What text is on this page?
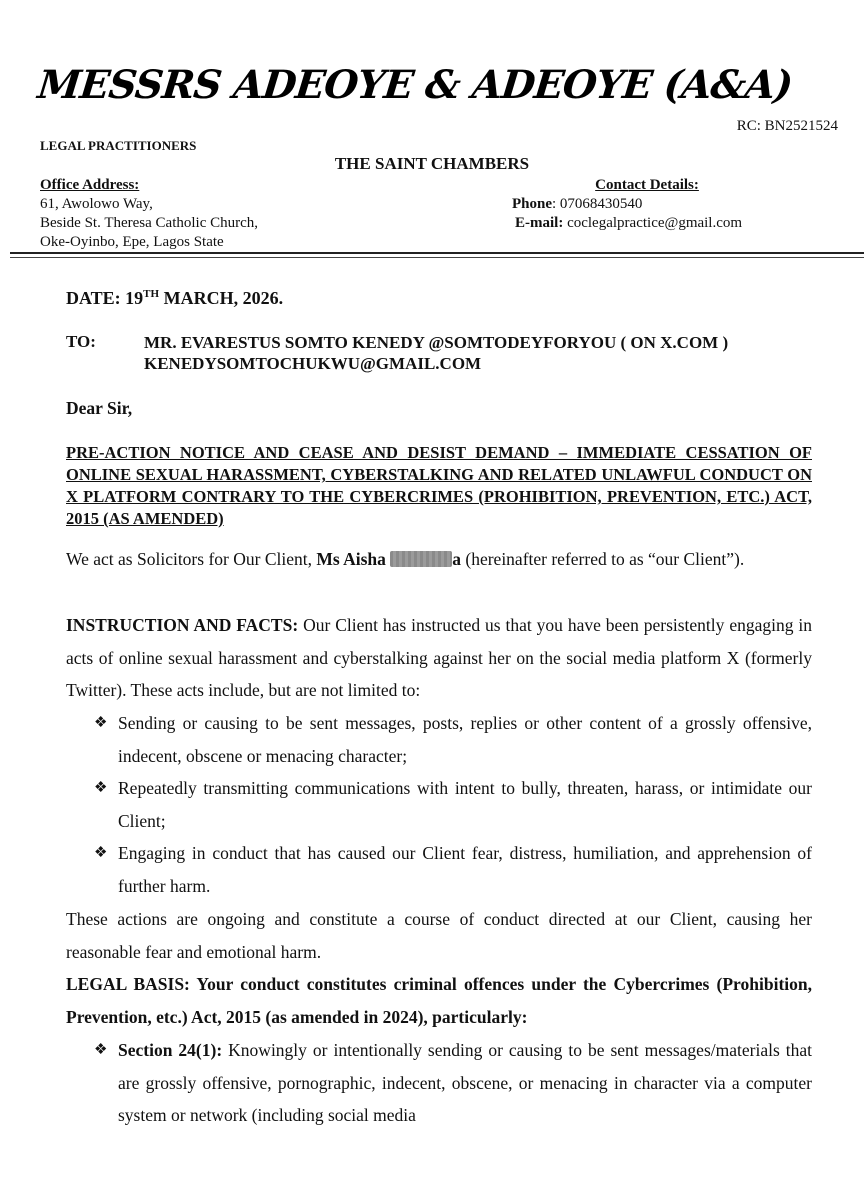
MESSRS ADEOYE & ADEOYE (A&A)
RC: BN2521524
LEGAL PRACTITIONERS
THE SAINT CHAMBERS
Office Address:
61, Awolowo Way,
Beside St. Theresa Catholic Church,
Oke-Oyinbo, Epe, Lagos State
Contact Details:
Phone: 07068430540
E-mail: coclegalpractice@gmail.com
DATE: 19TH MARCH, 2026.
TO:	MR. EVARESTUS SOMTO KENEDY @SOMTODEYFORYOU ( ON X.COM )
KENEDYSOMTOCHUKWU@GMAIL.COM
Dear Sir,
PRE-ACTION NOTICE AND CEASE AND DESIST DEMAND – IMMEDIATE CESSATION OF ONLINE SEXUAL HARASSMENT, CYBERSTALKING AND RELATED UNLAWFUL CONDUCT ON X PLATFORM CONTRARY TO THE CYBERCRIMES (PROHIBITION, PREVENTION, ETC.) ACT, 2015 (AS AMENDED)
We act as Solicitors for Our Client, Ms Aisha	a (hereinafter referred to as “our Client”).
INSTRUCTION AND FACTS: Our Client has instructed us that you have been persistently engaging in acts of online sexual harassment and cyberstalking against her on the social media platform X (formerly Twitter). These acts include, but are not limited to:
❖ Sending or causing to be sent messages, posts, replies or other content of a grossly offensive, indecent, obscene or menacing character;
❖ Repeatedly transmitting communications with intent to bully, threaten, harass, or intimidate our Client;
❖ Engaging in conduct that has caused our Client fear, distress, humiliation, and apprehension of further harm.
These actions are ongoing and constitute a course of conduct directed at our Client, causing her reasonable fear and emotional harm.
LEGAL BASIS: Your conduct constitutes criminal offences under the Cybercrimes (Prohibition, Prevention, etc.) Act, 2015 (as amended in 2024), particularly:
❖ Section 24(1): Knowingly or intentionally sending or causing to be sent messages/materials that are grossly offensive, pornographic, indecent, obscene, or menacing in character via a computer system or network (including social media
